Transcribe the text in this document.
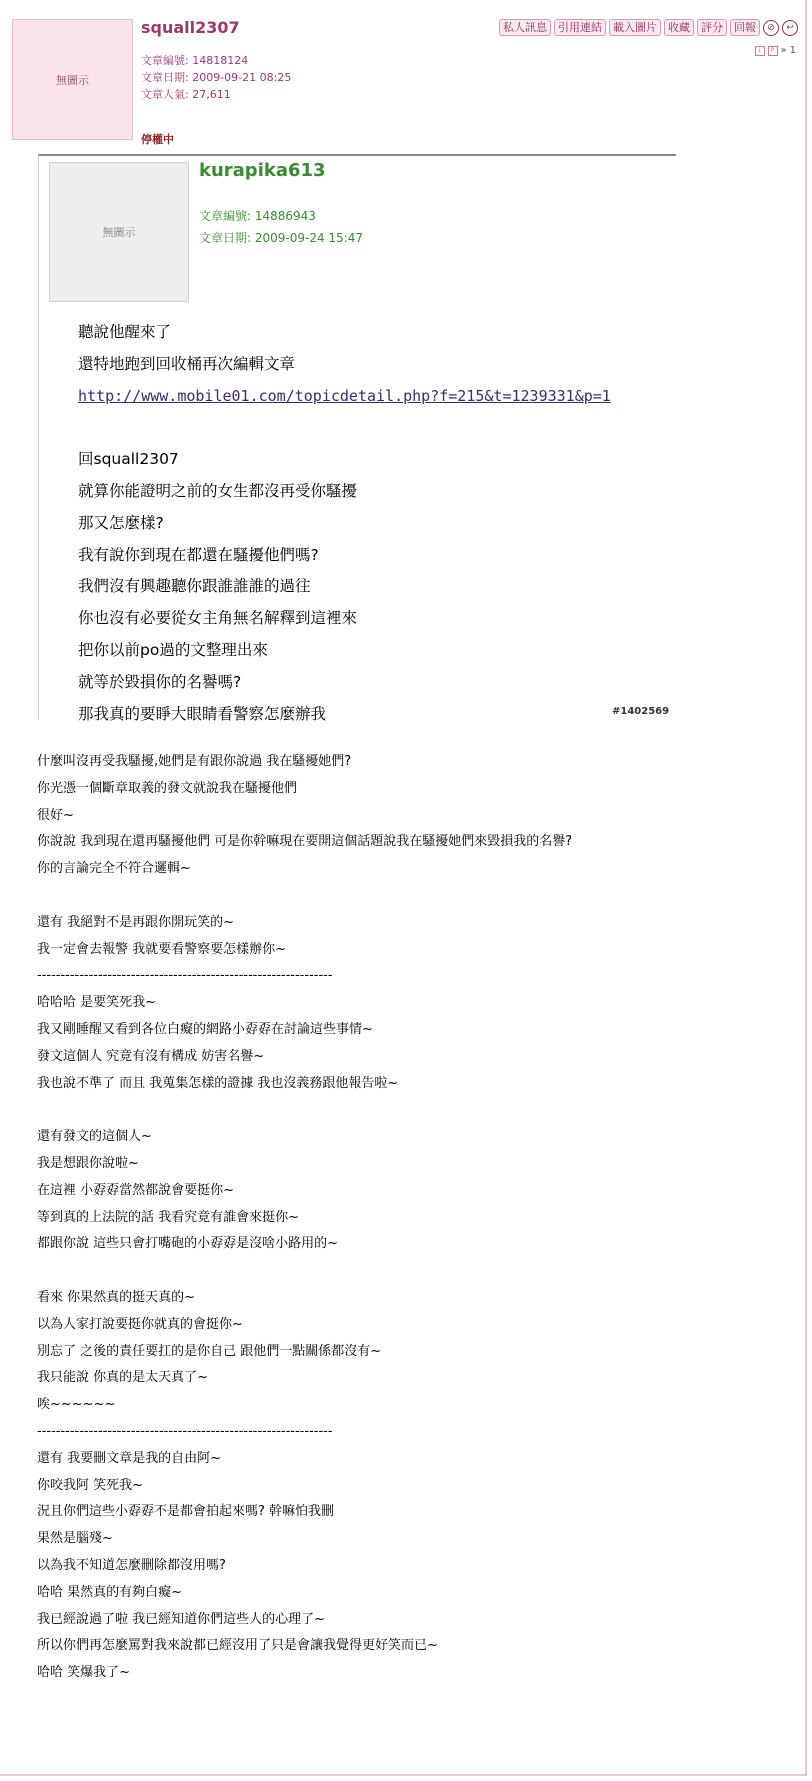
無圖示
squall2307
文章編號: 14818124
文章日期: 2009-09-21 08:25
文章人氣: 27,611
停權中
私人訊息	引用連結	載入圖片	收藏	評分	回報	⊘	↩
↓	P » 1
無圖示
kurapika613
文章編號: 14886943
文章日期: 2009-09-24 15:47
聽說他醒來了
還特地跑到回收桶再次編輯文章
http://www.mobile01.com/topicdetail.php?f=215&t=1239331&p=1
回squall2307
就算你能證明之前的女生都沒再受你騷擾
那又怎麼樣?
我有說你到現在都還在騷擾他們嗎?
我們沒有興趣聽你跟誰誰誰的過往
你也沒有必要從女主角無名解釋到這裡來
把你以前po過的文整理出來
就等於毀損你的名譽嗎?
那我真的要睜大眼睛看警察怎麼辦我	#1402569
什麼叫沒再受我騷擾,她們是有跟你說過 我在騷擾她們?
你光憑一個斷章取義的發文就說我在騷擾他們
很好~
你說說 我到現在還再騷擾他們 可是你幹嘛現在要開這個話題說我在騷擾她們來毀損我的名譽?
你的言論完全不符合邏輯~
還有 我絕對不是再跟你開玩笑的~
我一定會去報警 我就要看警察要怎樣辦你~
---------------------------------------------------------------
哈哈哈 是要笑死我~
我又剛睡醒又看到各位白癡的網路小孬孬在討論這些事情~
發文這個人 究竟有沒有構成 妨害名譽~
我也說不準了 而且 我蒐集怎樣的證據 我也沒義務跟他報告啦~
還有發文的這個人~
我是想跟你說啦~
在這裡 小孬孬當然都說會要挺你~
等到真的上法院的話 我看究竟有誰會來挺你~
都跟你說 這些只會打嘴砲的小孬孬是沒啥小路用的~
看來 你果然真的挺天真的~
以為人家打說要挺你就真的會挺你~
別忘了 之後的責任要扛的是你自己 跟他們一點關係都沒有~
我只能說 你真的是太天真了~
唉~~~~~~
---------------------------------------------------------------
還有 我要刪文章是我的自由阿~
你咬我阿 笑死我~
況且你們這些小孬孬不是都會拍起來嗎? 幹嘛怕我刪
果然是腦殘~
以為我不知道怎麼刪除都沒用嗎?
哈哈 果然真的有夠白癡~
我已經說過了啦 我已經知道你們這些人的心理了~
所以你們再怎麼罵對我來說都已經沒用了只是會讓我覺得更好笑而已~
哈哈 笑爆我了~
